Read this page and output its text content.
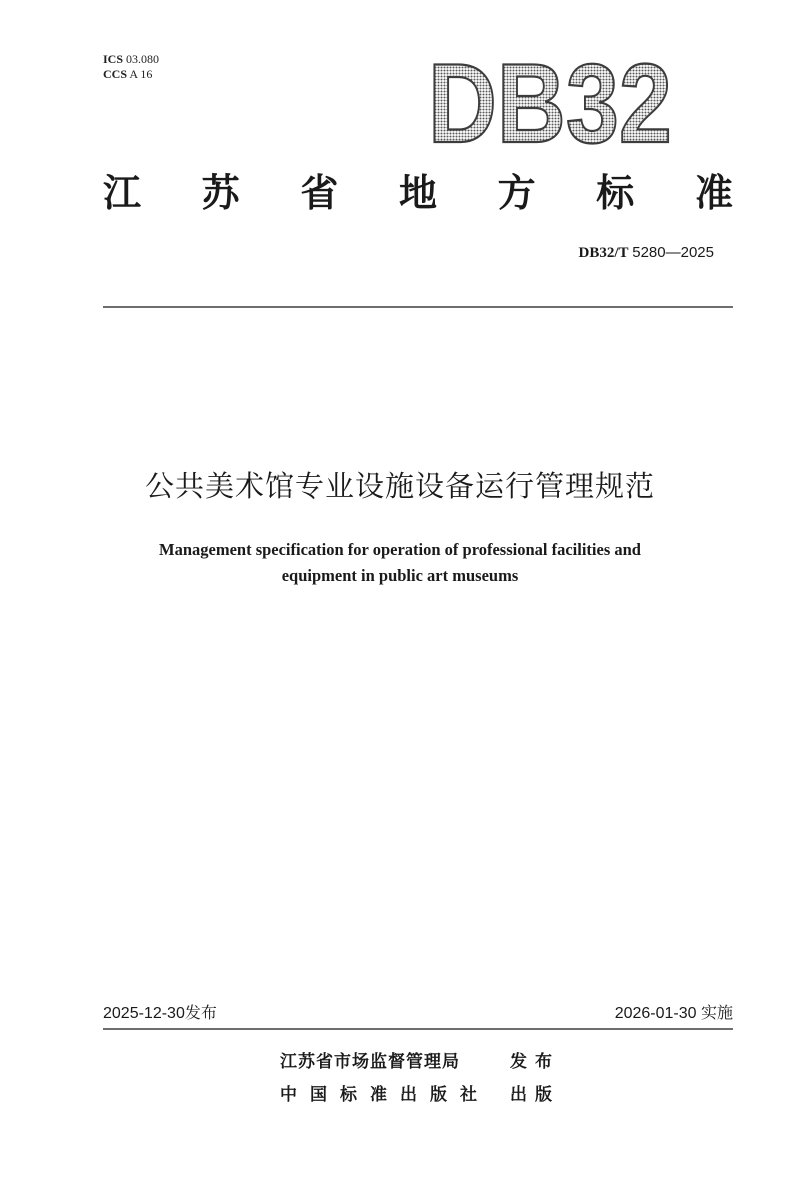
ICS 03.080
CCS A 16 DB32
江 苏 省 地 方 标 准
DB32/T 5280—2025
公共美术馆专业设施设备运行管理规范
Management specification for operation of professional facilities and
equipment in public art museums
2025-12-30发布	2026-01-30 实施
江苏省市场监督管理局	发布
中国标准出版社	出版
